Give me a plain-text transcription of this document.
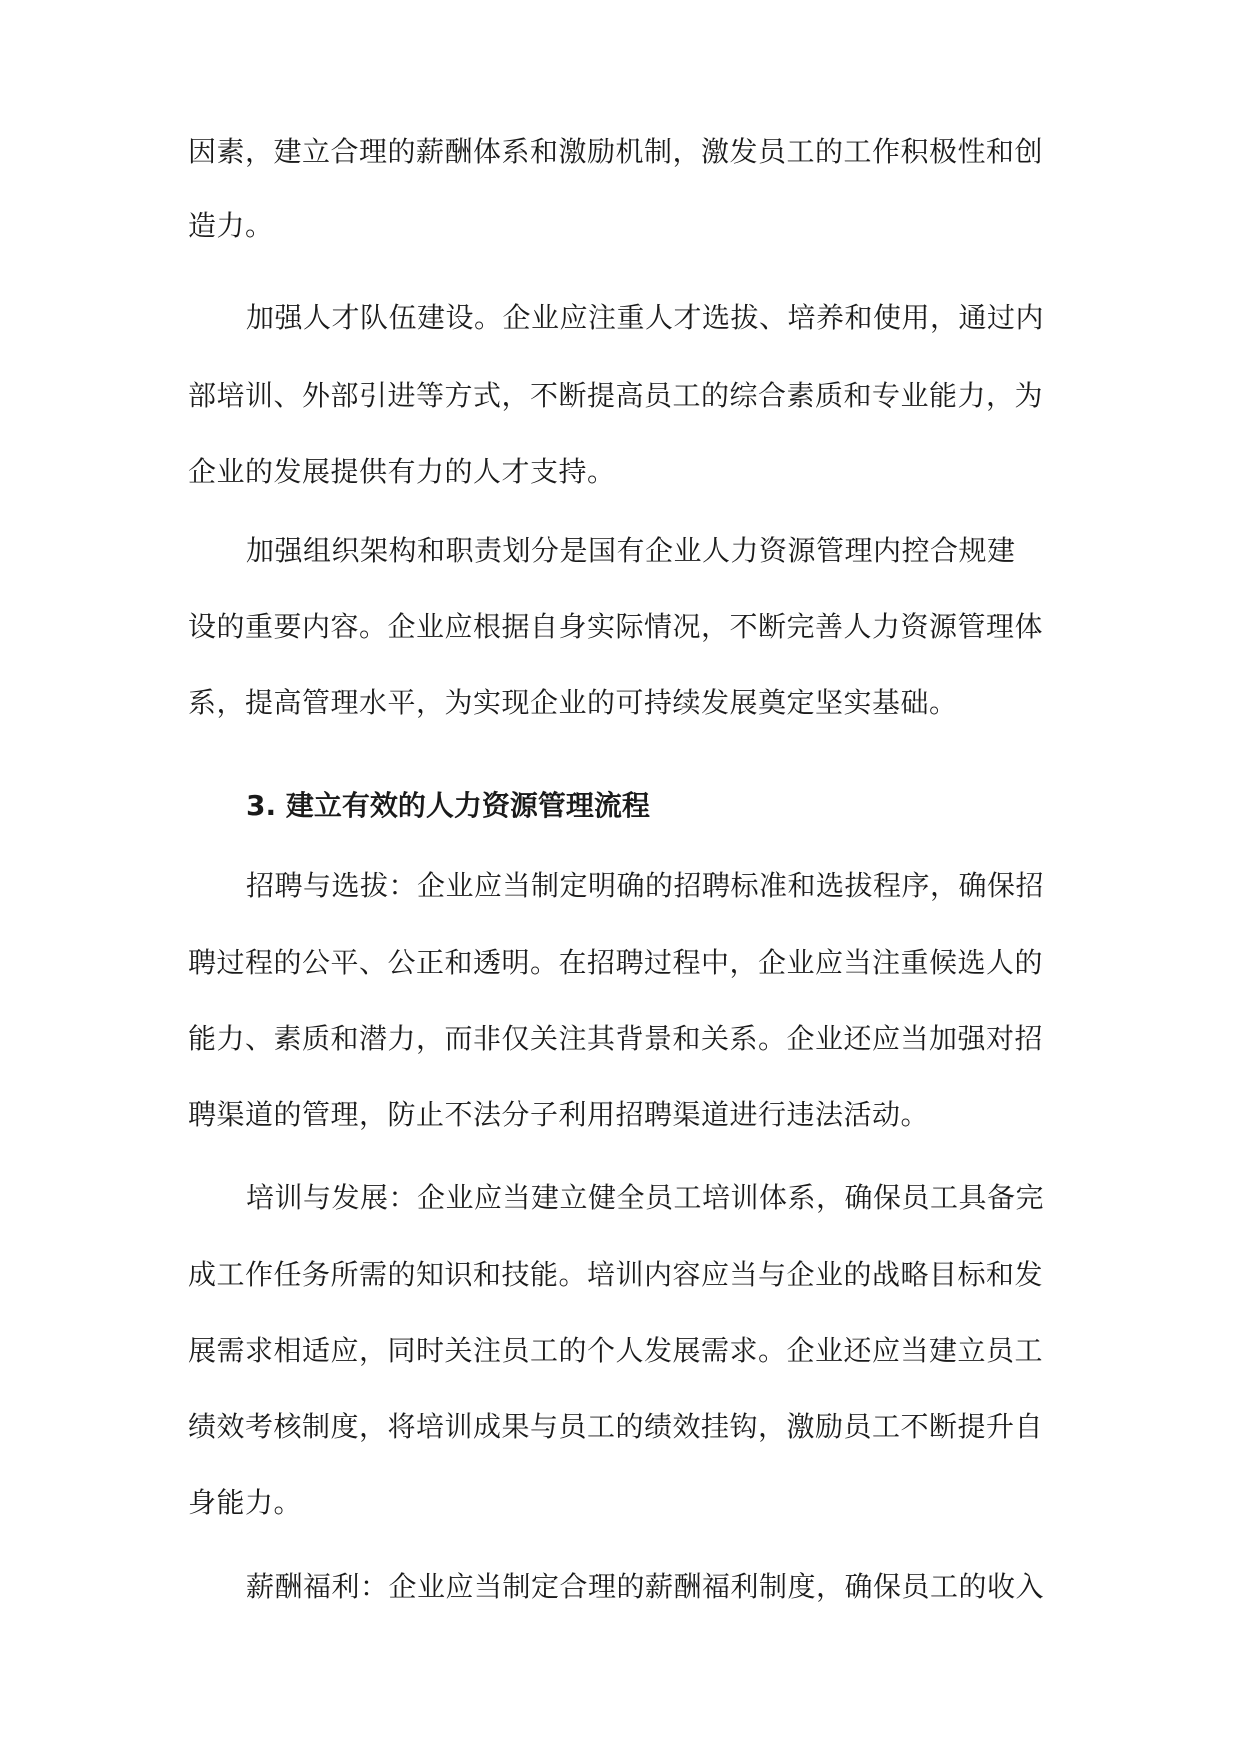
因素，建立合理的薪酬体系和激励机制，激发员工的工作积极性和创
造力。
加强人才队伍建设。企业应注重人才选拔、培养和使用，通过内
部培训、外部引进等方式，不断提高员工的综合素质和专业能力，为
企业的发展提供有力的人才支持。
加强组织架构和职责划分是国有企业人力资源管理内控合规建
设的重要内容。企业应根据自身实际情况，不断完善人力资源管理体
系，提高管理水平，为实现企业的可持续发展奠定坚实基础。
3. 建立有效的人力资源管理流程
招聘与选拔：企业应当制定明确的招聘标准和选拔程序，确保招
聘过程的公平、公正和透明。在招聘过程中，企业应当注重候选人的
能力、素质和潜力，而非仅关注其背景和关系。企业还应当加强对招
聘渠道的管理，防止不法分子利用招聘渠道进行违法活动。
培训与发展：企业应当建立健全员工培训体系，确保员工具备完
成工作任务所需的知识和技能。培训内容应当与企业的战略目标和发
展需求相适应，同时关注员工的个人发展需求。企业还应当建立员工
绩效考核制度，将培训成果与员工的绩效挂钩，激励员工不断提升自
身能力。
薪酬福利：企业应当制定合理的薪酬福利制度，确保员工的收入
